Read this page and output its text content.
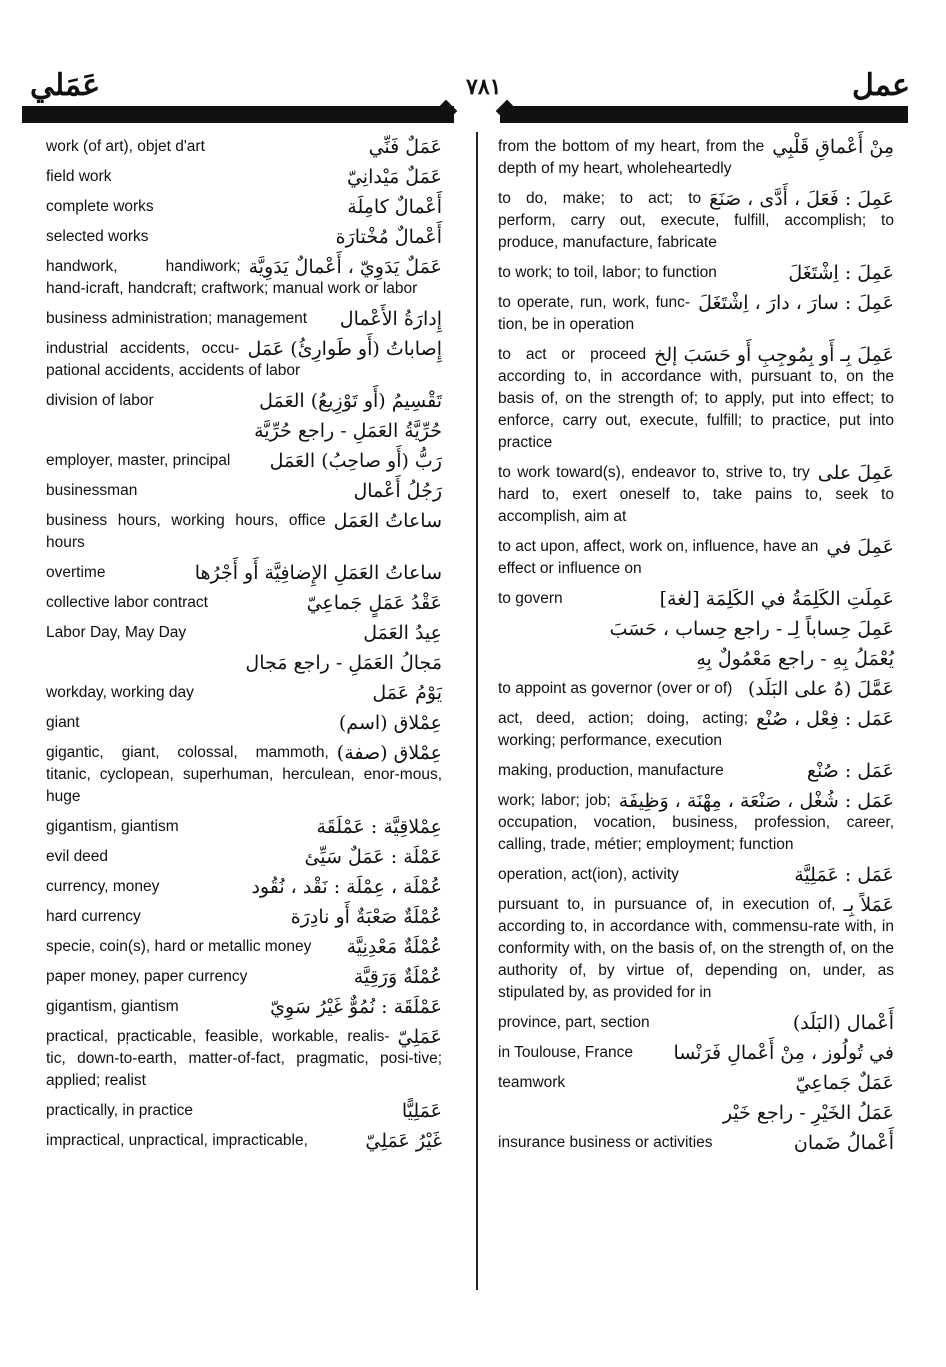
عَمَلي	٧٨١	عمل
عَمَلٌ فَنِّي
work (of art), objet d'art
عَمَلٌ مَيْدانِيّ
field work
أَعْمالٌ كامِلَة
complete works
أَعْمالٌ مُخْتارَة
selected works
عَمَلٌ يَدَوِيّ ، أَعْمالٌ يَدَوِيَّة
handwork, handiwork; hand-icraft, handcraft; craftwork; manual work or labor
إِدارَةُ الأَعْمال
business administration; management
إِصاباتُ (أَو طَوارِئُ) عَمَل
industrial accidents, occu-pational accidents, accidents of labor
تَقْسِيمُ (أَو تَوْزِيعُ) العَمَل
division of labor
حُرِّيَّةُ العَمَلِ - راجع حُرِّيَّة
رَبُّ (أَو صاحِبُ) العَمَل
employer, master, principal
رَجُلُ أَعْمال
businessman
ساعاتُ العَمَل
business hours, working hours, office hours
ساعاتُ العَمَلِ الإِضافِيَّة أَو أَجْرُها
overtime
عَقْدُ عَمَلٍ جَماعِيّ
collective labor contract
عِيدُ العَمَل
Labor Day, May Day
مَجالُ العَمَلِ - راجع مَجال
يَوْمُ عَمَل
workday, working day
عِمْلاق (اسم)
giant
عِمْلاق (صفة)
gigantic, giant, colossal, mammoth, titanic, cyclopean, superhuman, herculean, enor-mous, huge
عِمْلاقِيَّة : عَمْلَقَة
gigantism, giantism
عَمْلَة : عَمَلٌ سَيِّئ
evil deed
عُمْلَة ، عِمْلَة : نَقْد ، نُقُود
currency, money
عُمْلَةٌ صَعْبَةٌ أَو نادِرَة
hard currency
عُمْلَةٌ مَعْدِنِيَّة
specie, coin(s), hard or metallic money
عُمْلَةٌ وَرَقِيَّة
paper money, paper currency
عَمْلَقَة : نُمُوٌّ غَيْرُ سَوِيّ
gigantism, giantism
عَمَلِيّ
practical, pŗacticable, feasible, workable, realis-tic, down-to-earth, matter-of-fact, pragmatic, posi-tive; applied; realist
عَمَلِيًّا
practically, in practice
غَيْرُ عَمَلِيّ
impractical, unpractical, impracticable,
مِنْ أَعْماقِ قَلْبِي
from the bottom of my heart, from the depth of my heart, wholeheartedly
عَمِلَ : فَعَلَ ، أَدَّى ، صَنَعَ
to do, make; to act; to perform, carry out, execute, fulfill, accomplish; to produce, manufacture, fabricate
عَمِلَ : اِشْتَغَلَ
to work; to toil, labor; to function
عَمِلَ : سارَ ، دارَ ، اِشْتَغَلَ
to operate, run, work, func-tion, be in operation
عَمِلَ بِـ أَو بِمُوجِبِ أَو حَسَبَ إلخ
to act or proceed according to, in accordance with, pursuant to, on the basis of, on the strength of; to apply, put into effect; to enforce, carry out, execute, fulfill; to practice, put into practice
عَمِلَ على
to work toward(s), endeavor to, strive to, try hard to, exert oneself to, take pains to, seek to accomplish, aim at
عَمِلَ في
to act upon, affect, work on, influence, have an effect or influence on
عَمِلَتِ الكَلِمَةُ في الكَلِمَة [لغة]
to govern
عَمِلَ حِساباً لِـ - راجع حِساب ، حَسَبَ
يُعْمَلُ بِهِ - راجع مَعْمُولٌ بِهِ
عَمَّلَ (هُ على البَلَد)
to appoint as governor (over or of)
عَمَل : فِعْل ، صُنْع
act, deed, action; doing, acting; working; performance, execution
عَمَل : صُنْع
making, production, manufacture
عَمَل : شُغْل ، صَنْعَة ، مِهْنَة ، وَظِيفَة
work; labor; job; occupation, vocation, business, profession, career, calling, trade, métier; employment; function
عَمَل : عَمَلِيَّة
operation, act(ion), activity
عَمَلاً بِـ
pursuant to, in pursuance of, in execution of, according to, in accordance with, commensu-rate with, in conformity with, on the basis of, on the strength of, on the authority of, by virtue of, depending on, under, as stipulated by, as provided for in
أَعْمال (البَلَد)
province, part, section
في تُولُوز ، مِنْ أَعْمالِ فَرَنْسا
in Toulouse, France
عَمَلٌ جَماعِيّ
teamwork
عَمَلُ الخَيْرِ - راجع خَيْر
أَعْمالُ ضَمان
insurance business or activities
